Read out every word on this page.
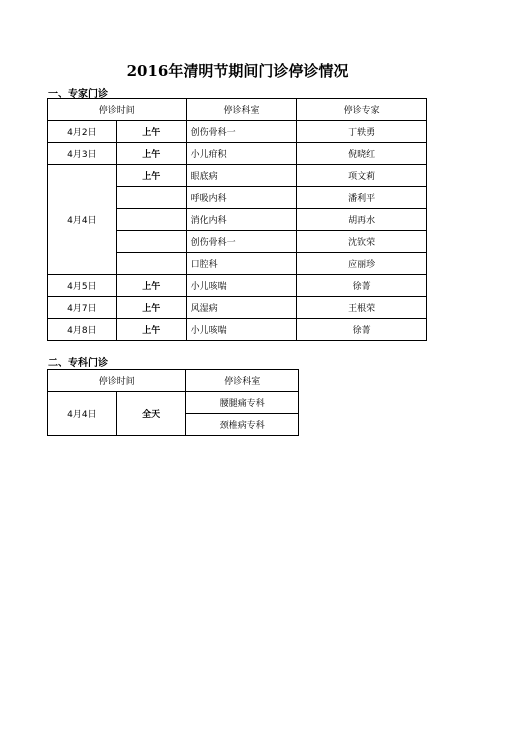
2016年清明节期间门诊停诊情况
一、专家门诊
停诊时间		停诊科室	停诊专家
4月2日	上午	创伤骨科一	丁轶勇
4月3日	上午	小儿疳积	倪晓红
4月4日	上午	眼底病	项文莉
		呼吸内科	潘利平
		消化内科	胡再水
		创伤骨科一	沈钦荣
		口腔科	应丽珍
4月5日	上午	小儿咳喘	徐菁
4月7日	上午	风湿病	王根荣
4月8日	上午	小儿咳喘	徐菁
二、专科门诊
停诊时间		停诊科室
4月4日	全天	腰腿痛专科
		颈椎病专科
